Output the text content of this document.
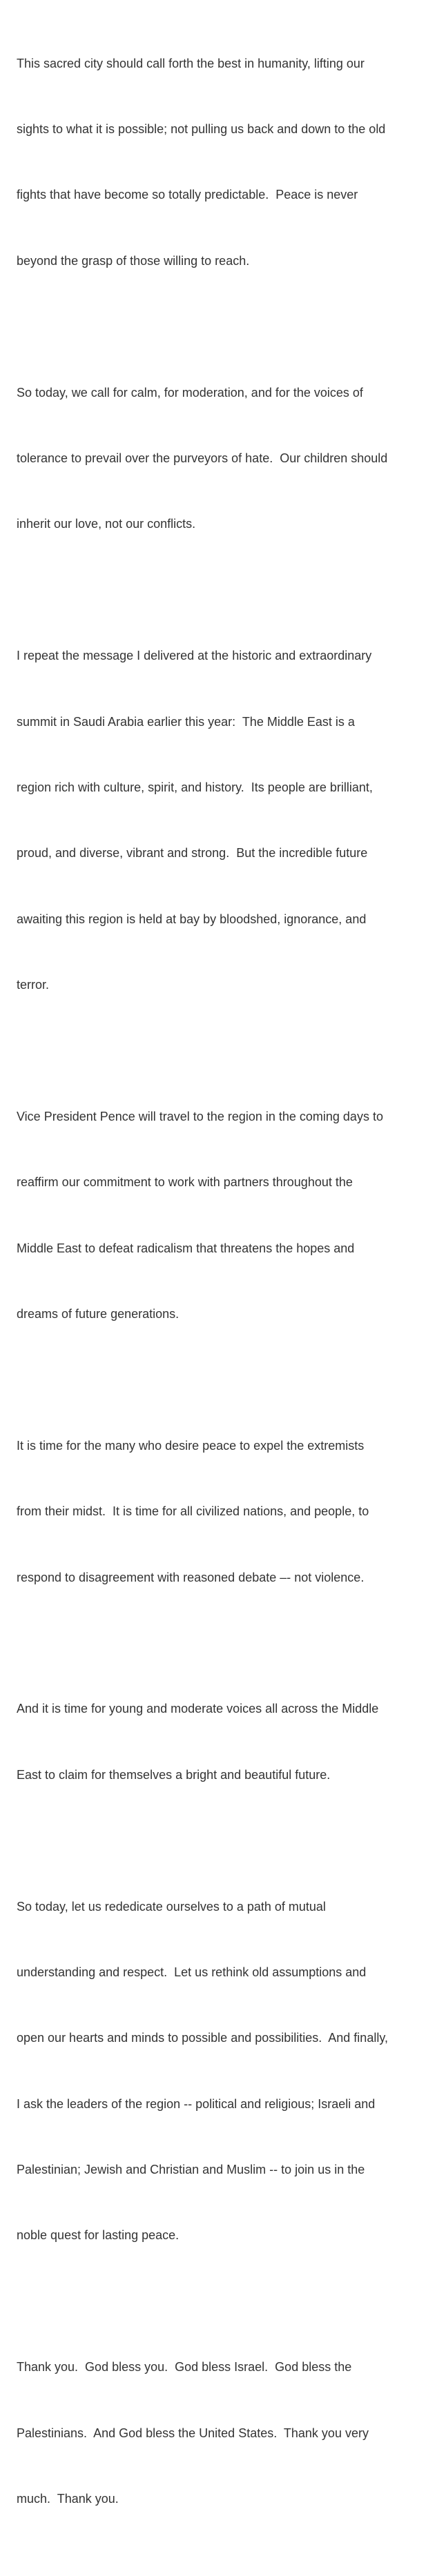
This sacred city should call forth the best in humanity, lifting our

sights to what it is possible; not pulling us back and down to the old

fights that have become so totally predictable.  Peace is never

beyond the grasp of those willing to reach.

So today, we call for calm, for moderation, and for the voices of

tolerance to prevail over the purveyors of hate.  Our children should

inherit our love, not our conflicts.

I repeat the message I delivered at the historic and extraordinary

summit in Saudi Arabia earlier this year:  The Middle East is a

region rich with culture, spirit, and history.  Its people are brilliant,

proud, and diverse, vibrant and strong.  But the incredible future

awaiting this region is held at bay by bloodshed, ignorance, and

terror.

Vice President Pence will travel to the region in the coming days to

reaffirm our commitment to work with partners throughout the

Middle East to defeat radicalism that threatens the hopes and

dreams of future generations.

It is time for the many who desire peace to expel the extremists

from their midst.  It is time for all civilized nations, and people, to

respond to disagreement with reasoned debate –- not violence.

And it is time for young and moderate voices all across the Middle

East to claim for themselves a bright and beautiful future.

So today, let us rededicate ourselves to a path of mutual

understanding and respect.  Let us rethink old assumptions and

open our hearts and minds to possible and possibilities.  And finally,

I ask the leaders of the region -- political and religious; Israeli and

Palestinian; Jewish and Christian and Muslim -- to join us in the

noble quest for lasting peace.

Thank you.  God bless you.  God bless Israel.  God bless the

Palestinians.  And God bless the United States.  Thank you very

much.  Thank you.
